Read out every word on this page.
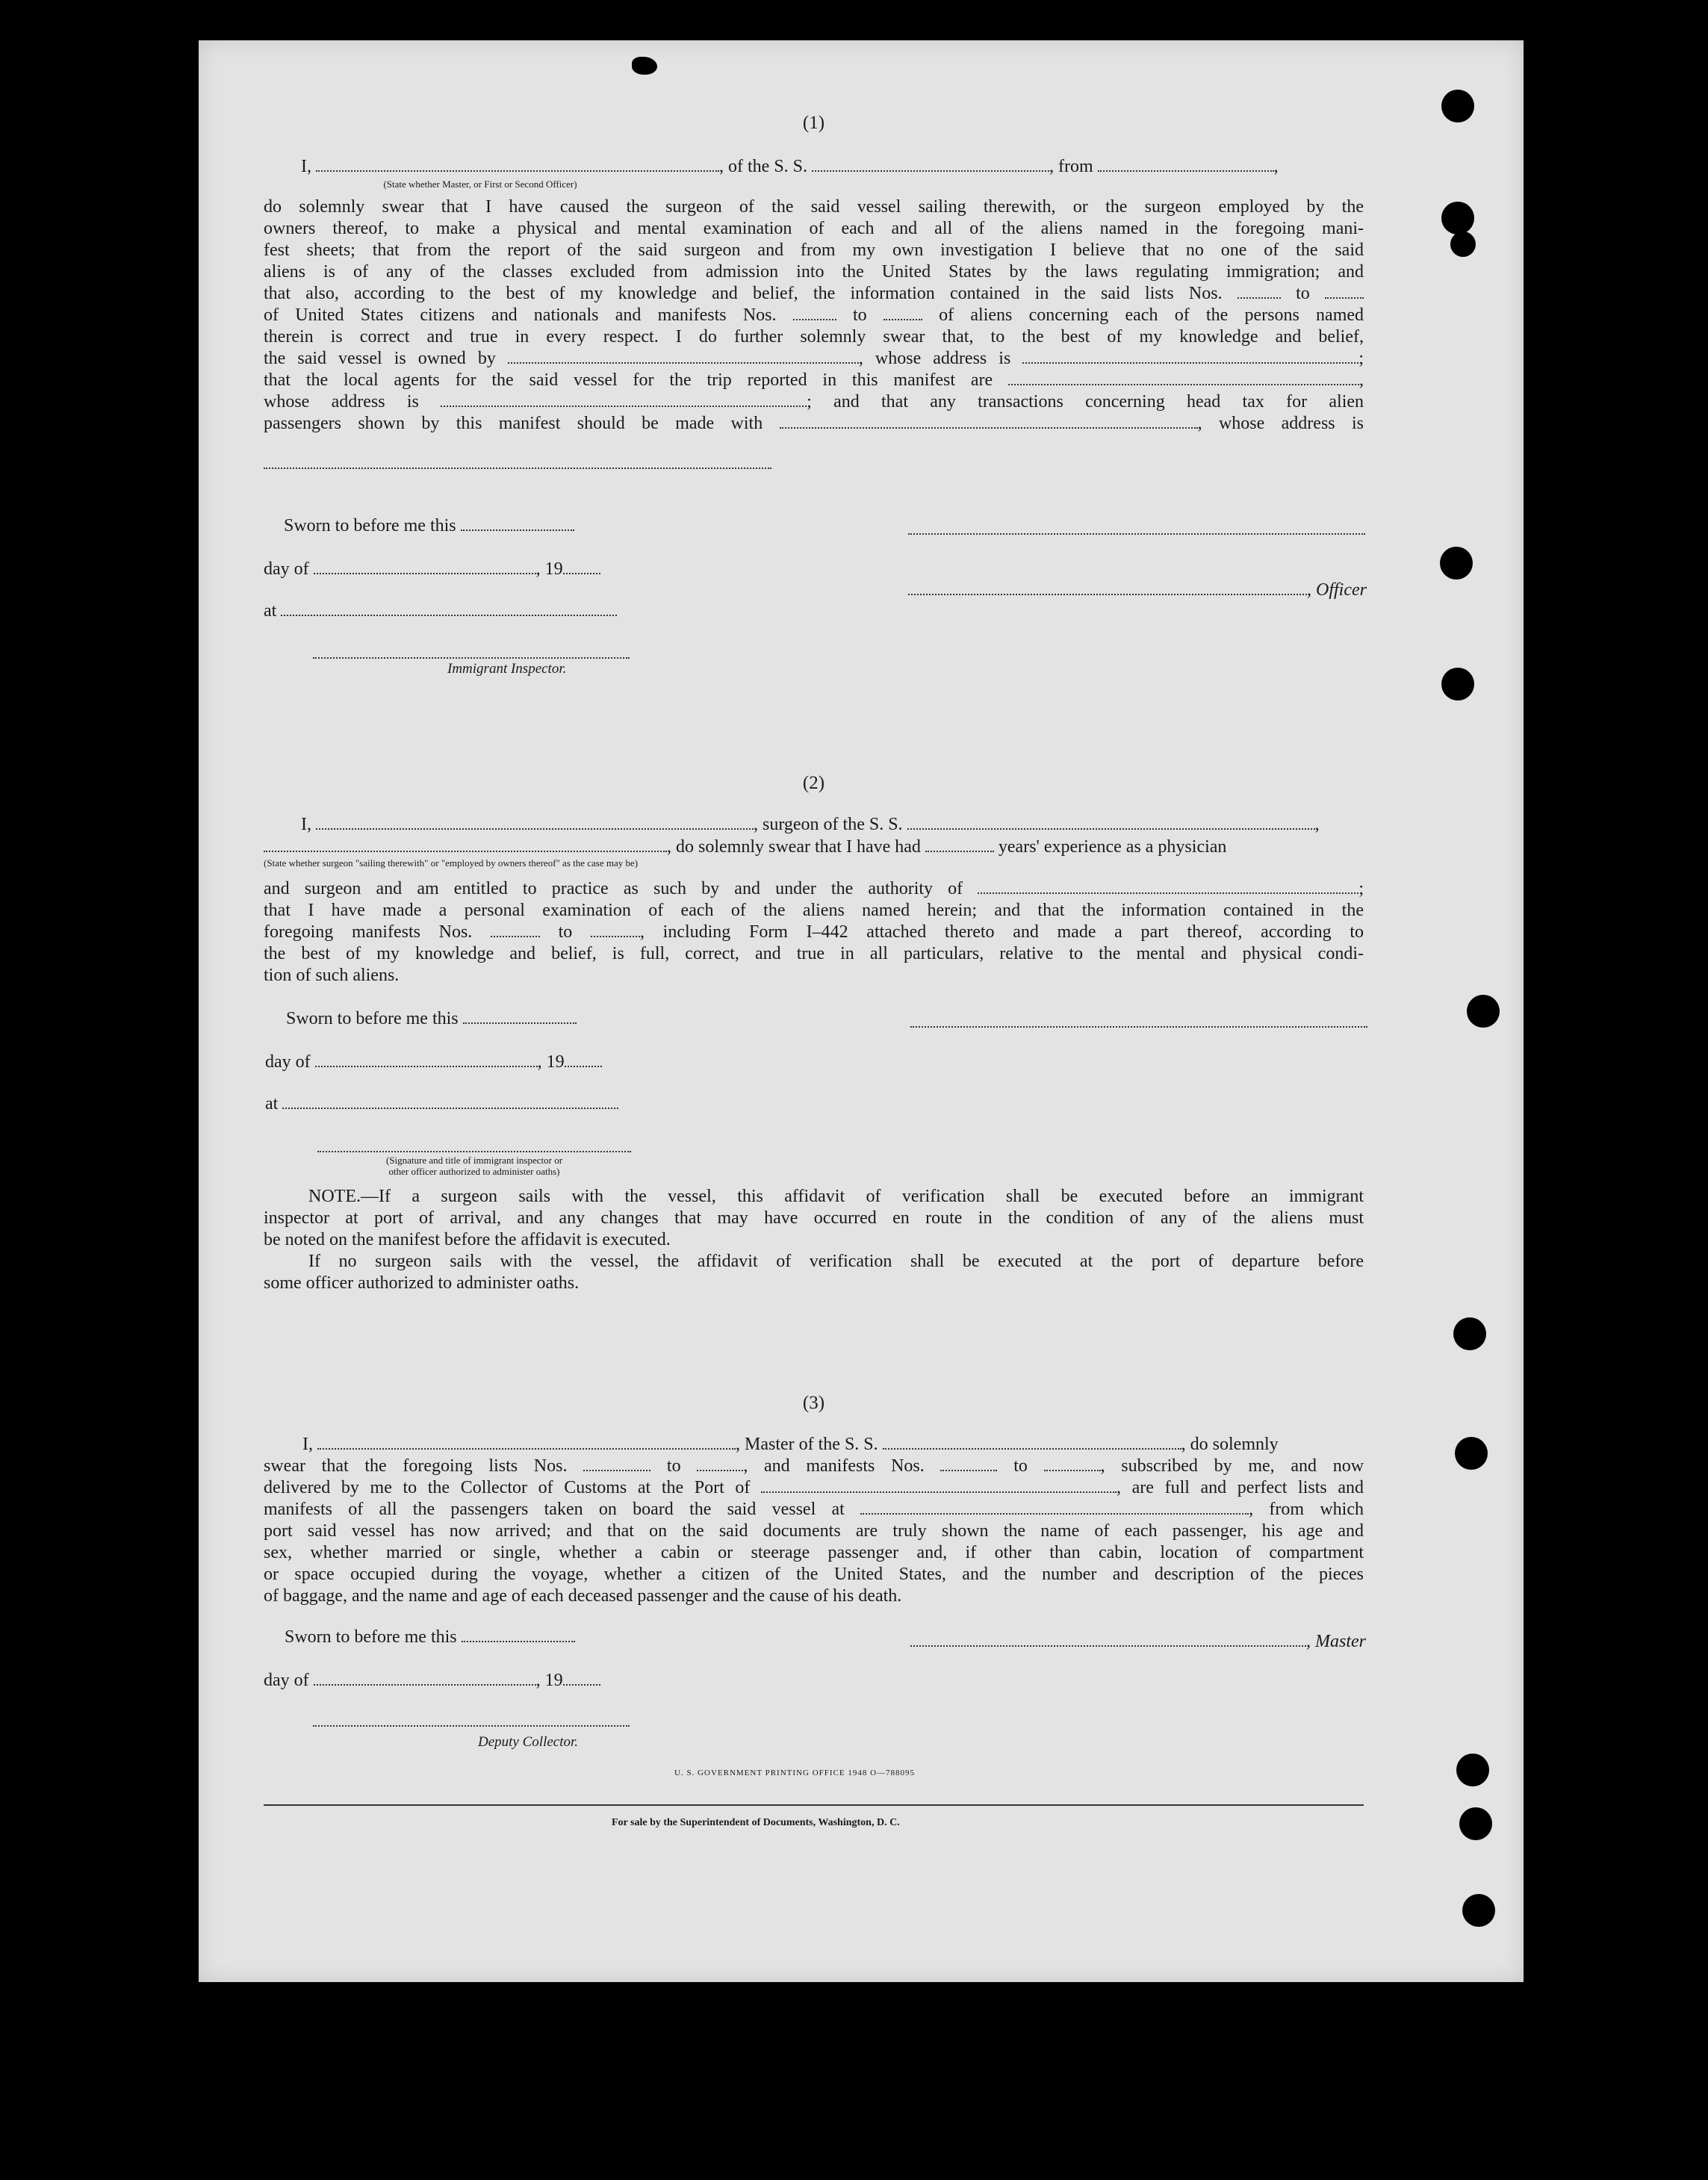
(1)
I,	, of the S. S.	, from	,
(State whether Master, or First or Second Officer)
do solemnly swear that I have caused the surgeon of the said vessel sailing therewith, or the surgeon employed by the
owners thereof, to make a physical and mental examination of each and all of the aliens named in the foregoing mani-
fest sheets; that from the report of the said surgeon and from my own investigation I believe that no one of the said
aliens is of any of the classes excluded from admission into the United States by the laws regulating immigration; and
that also, according to the best of my knowledge and belief, the information contained in the said lists Nos.	to
of United States citizens and nationals and manifests Nos.	to	of aliens concerning each of the persons named
therein is correct and true in every respect. I do further solemnly swear that, to the best of my knowledge and belief,
the said vessel is owned by	, whose address is	;
that the local agents for the said vessel for the trip reported in this manifest are	,
whose address is	; and that any transactions concerning head tax for alien
passengers shown by this manifest should be made with	, whose address is
Sworn to before me this
day of	, 19
at
, Officer
Immigrant Inspector.
(2)
I,	, surgeon of the S. S.	,
, do solemnly swear that I have had	years' experience as a physician
(State whether surgeon "sailing therewith" or "employed by owners thereof" as the case may be)
and surgeon and am entitled to practice as such by and under the authority of	;
that I have made a personal examination of each of the aliens named herein; and that the information contained in the
foregoing manifests Nos.	to	, including Form I–442 attached thereto and made a part thereof, according to
the best of my knowledge and belief, is full, correct, and true in all particulars, relative to the mental and physical condi-
tion of such aliens.
Sworn to before me this
day of	, 19
at
(Signature and title of immigrant inspector or
other officer authorized to administer oaths)
NOTE.—If a surgeon sails with the vessel, this affidavit of verification shall be executed before an immigrant
inspector at port of arrival, and any changes that may have occurred en route in the condition of any of the aliens must
be noted on the manifest before the affidavit is executed.
If no surgeon sails with the vessel, the affidavit of verification shall be executed at the port of departure before
some officer authorized to administer oaths.
(3)
I,	, Master of the S. S.	, do solemnly
swear that the foregoing lists Nos.	to	, and manifests Nos.	to	, subscribed by me, and now
delivered by me to the Collector of Customs at the Port of	, are full and perfect lists and
manifests of all the passengers taken on board the said vessel at	, from which
port said vessel has now arrived; and that on the said documents are truly shown the name of each passenger, his age and
sex, whether married or single, whether a cabin or steerage passenger and, if other than cabin, location of compartment
or space occupied during the voyage, whether a citizen of the United States, and the number and description of the pieces
of baggage, and the name and age of each deceased passenger and the cause of his death.
Sworn to before me this	, Master
day of	, 19
Deputy Collector.
U. S. GOVERNMENT PRINTING OFFICE 1948 O—788095
For sale by the Superintendent of Documents, Washington, D. C.
